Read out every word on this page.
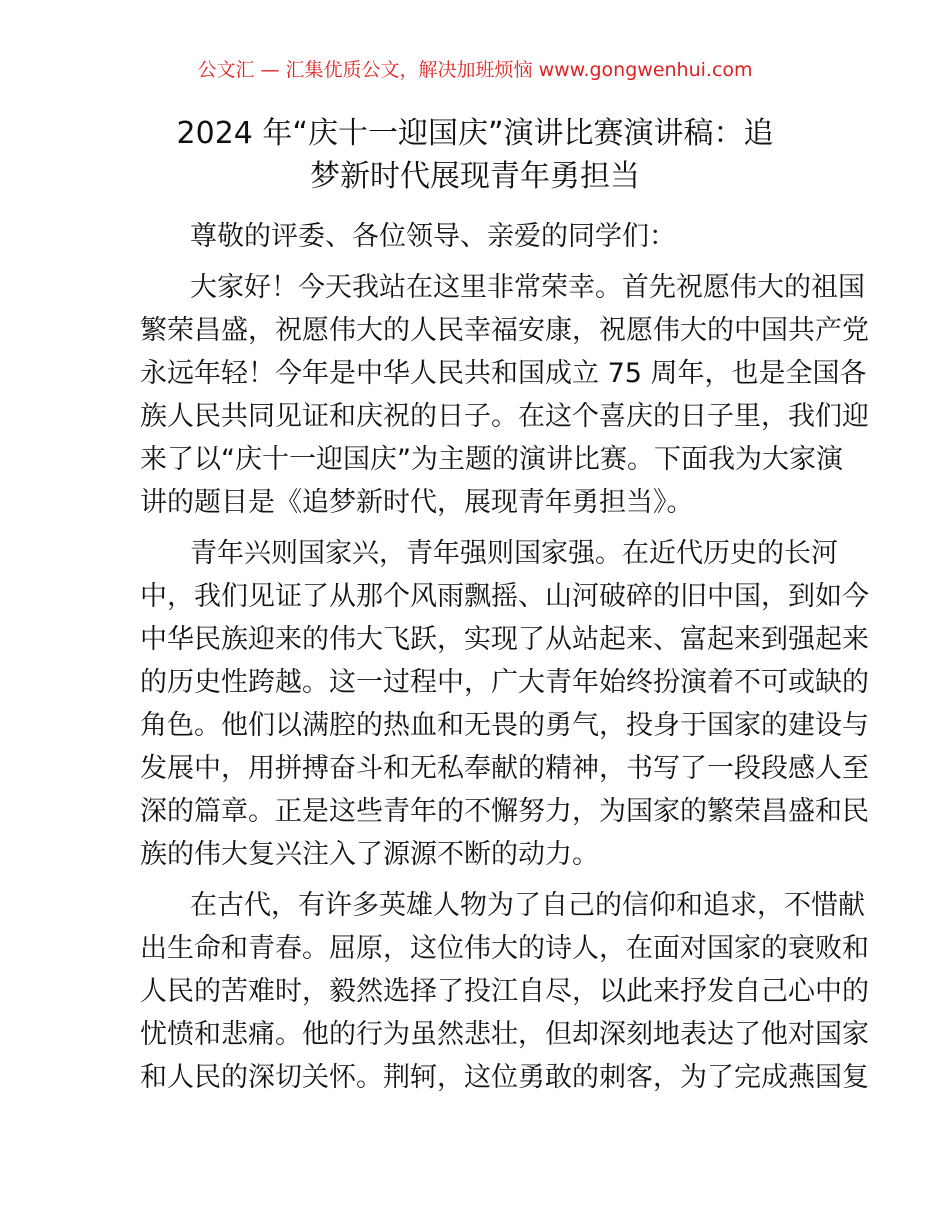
公文汇 — 汇集优质公文，解决加班烦恼 www.gongwenhui.com
2024 年“庆十一迎国庆”演讲比赛演讲稿：追
梦新时代展现青年勇担当
尊敬的评委、各位领导、亲爱的同学们：
大家好！今天我站在这里非常荣幸。首先祝愿伟大的祖国
繁荣昌盛，祝愿伟大的人民幸福安康，祝愿伟大的中国共产党
永远年轻！今年是中华人民共和国成立 75 周年，也是全国各
族人民共同见证和庆祝的日子。在这个喜庆的日子里，我们迎
来了以“庆十一迎国庆”为主题的演讲比赛。下面我为大家演
讲的题目是《追梦新时代，展现青年勇担当》。
青年兴则国家兴，青年强则国家强。在近代历史的长河
中，我们见证了从那个风雨飘摇、山河破碎的旧中国，到如今
中华民族迎来的伟大飞跃，实现了从站起来、富起来到强起来
的历史性跨越。这一过程中，广大青年始终扮演着不可或缺的
角色。他们以满腔的热血和无畏的勇气，投身于国家的建设与
发展中，用拼搏奋斗和无私奉献的精神，书写了一段段感人至
深的篇章。正是这些青年的不懈努力，为国家的繁荣昌盛和民
族的伟大复兴注入了源源不断的动力。
在古代，有许多英雄人物为了自己的信仰和追求，不惜献
出生命和青春。屈原，这位伟大的诗人，在面对国家的衰败和
人民的苦难时，毅然选择了投江自尽，以此来抒发自己心中的
忧愤和悲痛。他的行为虽然悲壮，但却深刻地表达了他对国家
和人民的深切关怀。荆轲，这位勇敢的刺客，为了完成燕国复
